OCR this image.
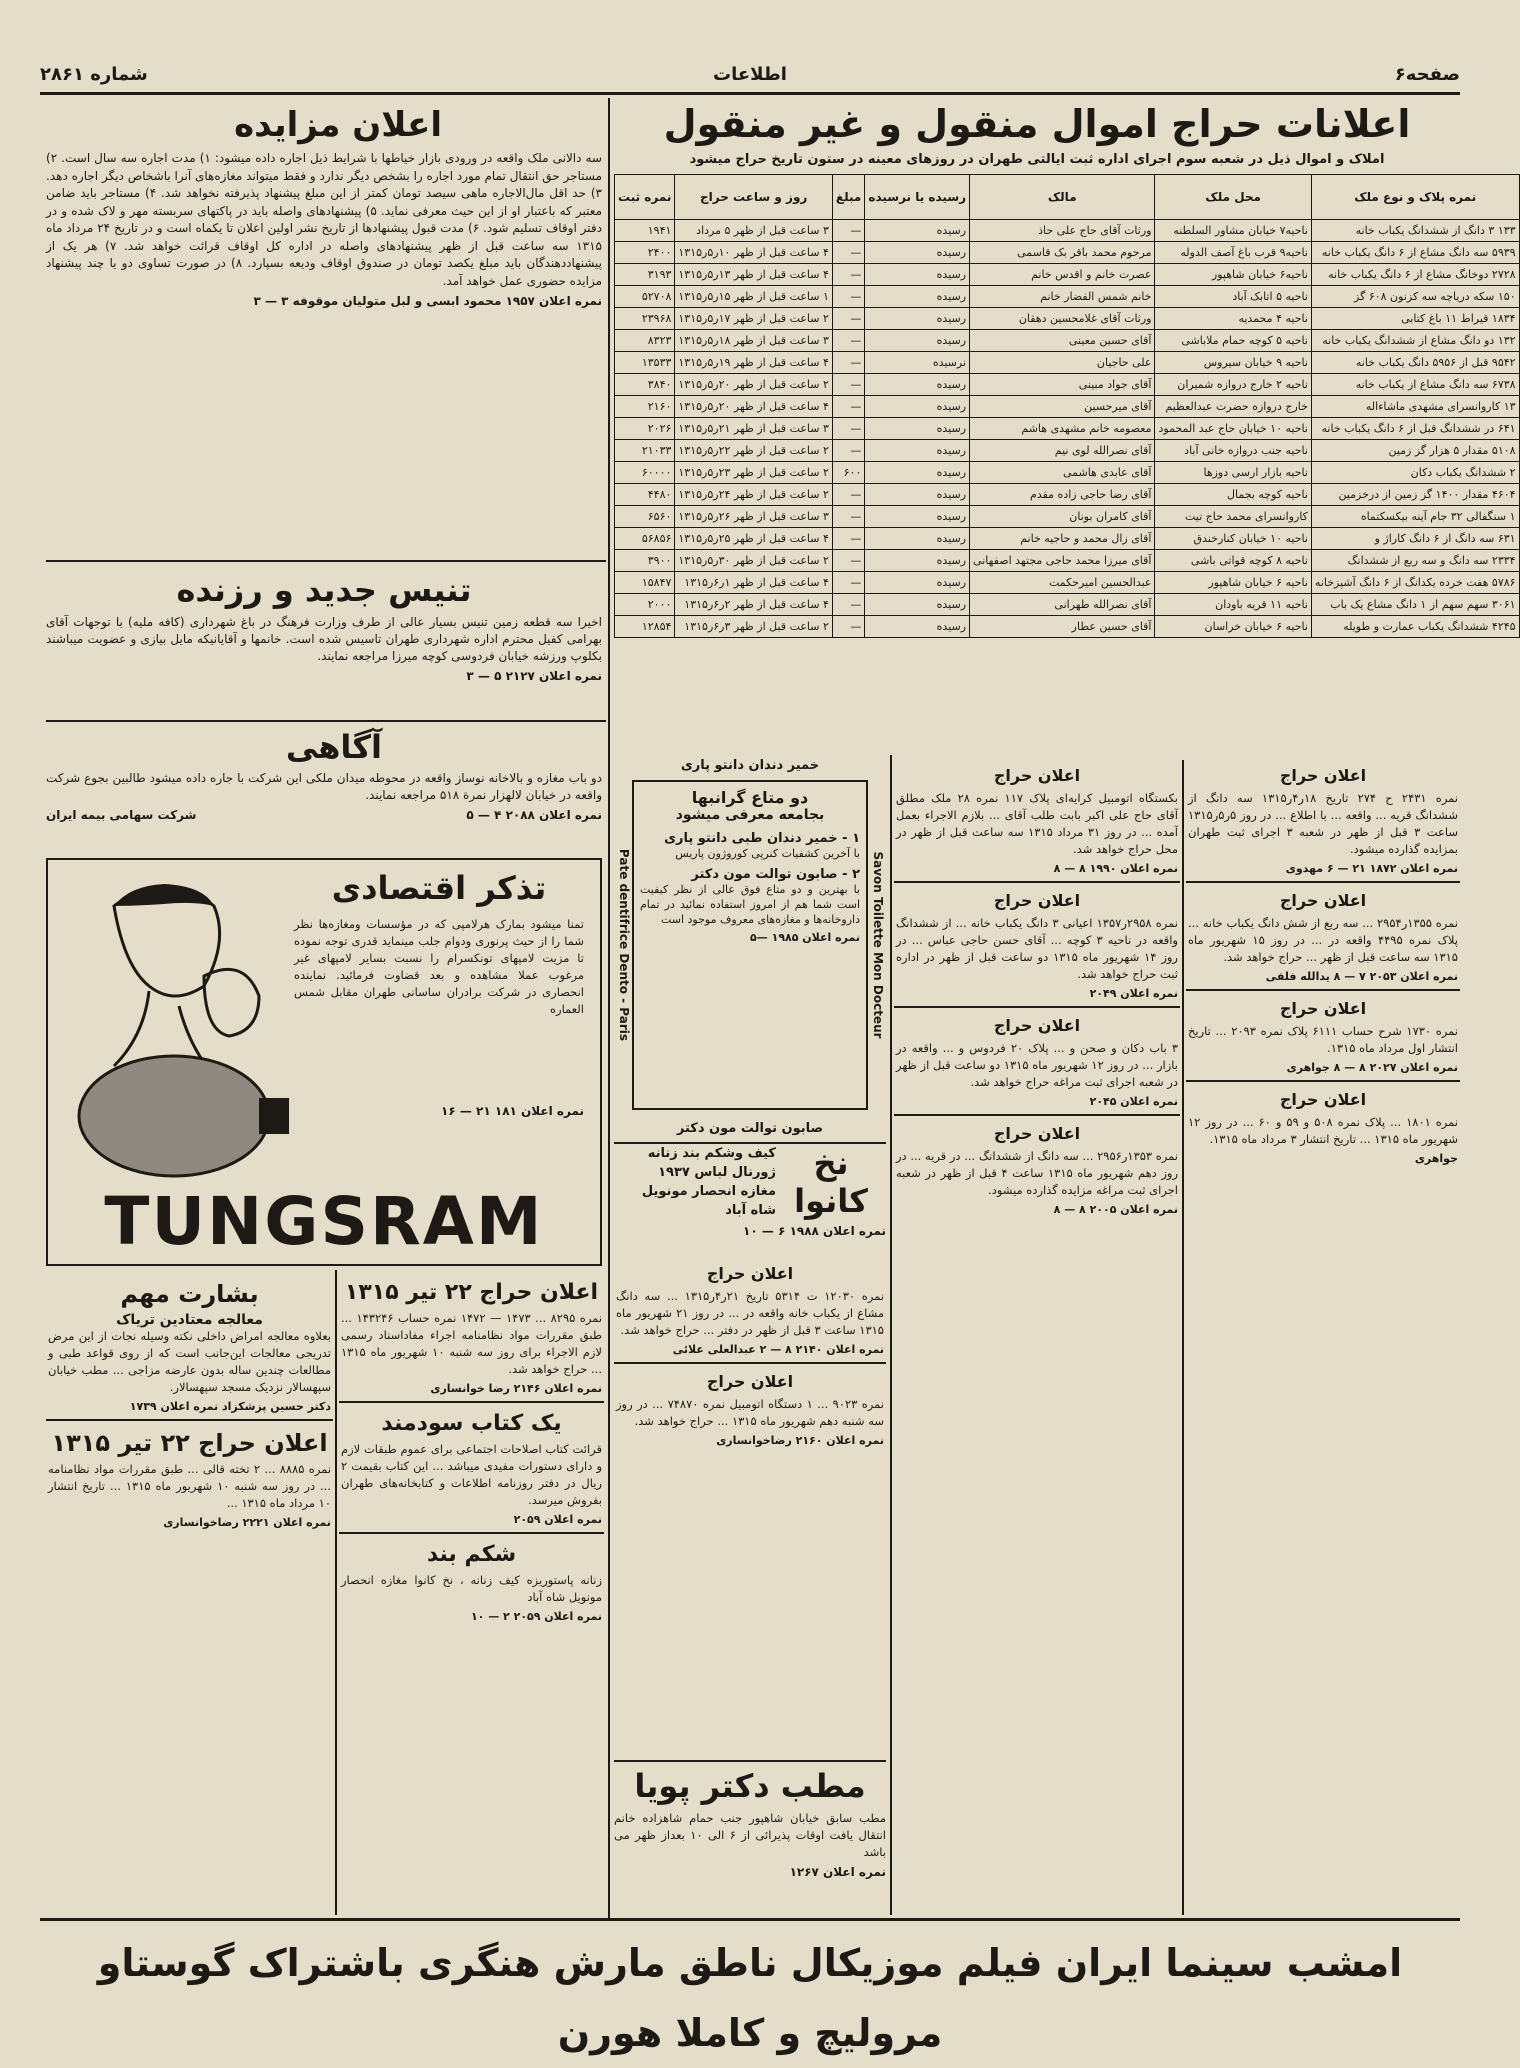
صفحه۶
اطلاعات
شماره ۲۸۶۱
اعلانات حراج اموال منقول و غیر منقول
املاک و اموال ذیل در شعبه سوم اجرای اداره ثبت ایالتی طهران در روزهای معینه در ستون تاریخ حراج میشود
نمره پلاک و نوع ملک	محل ملک	مالک	رسیده یا نرسیده	مبلغ	روز و ساعت حراج	نمره ثبت
۱۳۳ ۳ دانگ از ششدانگ یکباب خانه	ناحیه۷ خیابان مشاور السلطنه	ورثات آقای حاج علی حاذ	رسیده	—	۳ ساعت قبل از ظهر ۵ مرداد	۱۹۴۱
۵۹۳۹ سه دانگ مشاع از ۶ دانگ یکباب خانه	ناحیه۹ قرب باغ آصف الدوله	مرحوم محمد باقر بک قاسمی	رسیده	—	۴ ساعت قبل از ظهر ۱۰ر۵ر۱۳۱۵	۲۴۰۰
۲۷۲۸ دوخانگ مشاع از ۶ دانگ یکباب خانه	ناحیه۶ خیابان شاهپور	عصرت خانم و اقدس خانم	رسیده	—	۴ ساعت قبل از ظهر ۱۳ر۵ر۱۳۱۵	۳۱۹۳
۱۵۰ سکه دریاچه سه کزنون ۶۰۸ گز	ناحیه ۵ اتابک آباد	خانم شمس الفضار خانم	رسیده	—	۱ ساعت قبل از ظهر ۱۵ر۵ر۱۳۱۵	۵۲۷۰۸
۱۸۳۴ قیراط ۱۱ باغ کتابی	ناحیه ۴ محمدیه	ورثات آقای غلامحسین دهقان	رسیده	—	۲ ساعت قبل از ظهر ۱۷ر۵ر۱۳۱۵	۲۳۹۶۸
۱۳۲ دو دانگ مشاع از ششدانگ یکباب خانه	ناحیه ۵ کوچه حمام ملاباشی	آقای حسین معینی	رسیده	—	۳ ساعت قبل از ظهر ۱۸ر۵ر۱۳۱۵	۸۳۲۳
۹۵۴۲ قبل از ۵۹۵۶ دانگ یکباب خانه	ناحیه ۹ خیابان سیروس	علی حاجیان	نرسیده	—	۴ ساعت قبل از ظهر ۱۹ر۵ر۱۳۱۵	۱۳۵۳۳
۶۷۳۸ سه دانگ مشاع از یکباب خانه	ناحیه ۲ خارج دروازه شمیران	آقای جواد مبینی	رسیده	—	۲ ساعت قبل از ظهر ۲۰ر۵ر۱۳۱۵	۳۸۴۰
۱۳ کاروانسرای مشهدی ماشاءاله	خارج دروازه حضرت عبدالعظیم	آقای میرحسین	رسیده	—	۴ ساعت قبل از ظهر ۲۰ر۵ر۱۳۱۵	۲۱۶۰
۶۴۱ در ششدانگ قبل از ۶ دانگ یکباب خانه	ناحیه ۱۰ خیابان حاج عبد المحمود	معصومه خانم مشهدی هاشم	رسیده	—	۳ ساعت قبل از ظهر ۲۱ر۵ر۱۳۱۵	۲۰۲۶
۵۱۰۸ مقدار ۵ هزار گز زمین	ناحیه جنب دروازه خانی آباد	آقای نصرالله لوی نیم	رسیده	—	۲ ساعت قبل از ظهر ۲۲ر۵ر۱۳۱۵	۲۱۰۳۳
۲ ششدانگ یکباب دکان	ناحیه بازار ارسی دوزها	آقای عابدی هاشمی	رسیده	۶۰۰	۲ ساعت قبل از ظهر ۲۳ر۵ر۱۳۱۵	۶۰۰۰۰
۴۶۰۴ مقدار ۱۴۰۰ گز زمین از درخزمین	ناحیه کوچه بجمال	آقای رضا حاجی زاده مقدم	رسیده	—	۲ ساعت قبل از ظهر ۲۴ر۵ر۱۳۱۵	۴۴۸۰
۱ سنگفالی ۳۲ جام آینه بیکسکتماه	کاروانسرای محمد حاج تیت	آقای کامران بونان	رسیده	—	۳ ساعت قبل از ظهر ۲۶ر۵ر۱۳۱۵	۶۵۶۰
۶۳۱ سه دانگ از ۶ دانگ کاراژ و	ناحیه ۱۰ خیابان کنارخندق	آقای زال محمد و حاجیه خانم	رسیده	—	۴ ساعت قبل از ظهر ۲۵ر۵ر۱۳۱۵	۵۶۸۵۶
۲۳۳۴ سه دانگ و سه ربع از ششدانگ	ناحیه ۸ کوچه قواتی باشی	آقای میرزا محمد حاجی مجتهد اصفهانی	رسیده	—	۲ ساعت قبل از ظهر ۳۰ر۵ر۱۳۱۵	۳۹۰۰
۵۷۸۶ هفت خرده یکدانگ از ۶ دانگ آشپزخانه	ناحیه ۶ خیابان شاهپور	عبدالحسین امیرحکمت	رسیده	—	۴ ساعت قبل از ظهر ۱ر۶ر۱۳۱۵	۱۵۸۴۷
۳۰۶۱ سهم سهم از ۱ دانگ مشاع یک باب	ناحیه ۱۱ قریه باودان	آقای نصرالله طهرانی	رسیده	—	۴ ساعت قبل از ظهر ۲ر۶ر۱۳۱۵	۲۰۰۰
۴۲۴۵ ششدانگ یکباب عمارت و طویله	ناحیه ۶ خیابان خراسان	آقای حسین عطار	رسیده	—	۲ ساعت قبل از ظهر ۳ر۶ر۱۳۱۵	۱۲۸۵۴
اعلان مزایده
سه دالانی ملک واقعه در ورودی بازار خیاطها با شرایط ذیل اجاره داده میشود: ۱) مدت اجاره سه سال است. ۲) مستاجر حق انتقال تمام مورد اجاره را بشخص دیگر ندارد و فقط میتواند مغازه‌های آنرا باشخاص دیگر اجاره دهد. ۳) حد اقل مال‌الاجاره ماهی سیصد تومان کمتر از این مبلغ پیشنهاد پذیرفته نخواهد شد. ۴) مستاجر باید ضامن معتبر که باعتبار او از این حیث معرفی نماید. ۵) پیشنهادهای واصله باید در پاکتهای سربسته مهر و لاک شده و در دفتر اوقاف تسلیم شود. ۶) مدت قبول پیشنهادها از تاریخ نشر اولین اعلان تا یکماه است و در تاریخ ۲۴ مرداد ماه ۱۳۱۵ سه ساعت قبل از ظهر پیشنهادهای واصله در اداره کل اوقاف قرائت خواهد شد. ۷) هر یک از پیشنهاددهندگان باید مبلغ یکصد تومان در صندوق اوقاف ودیعه بسپارد. ۸) در صورت تساوی دو یا چند پیشنهاد مزایده حضوری عمل خواهد آمد.
نمره اعلان ۱۹۵۷ محمود ابسی و لبل متولیان موقوفه ۳ — ۳
تنیس جدید و رزنده
اخیرا سه قطعه زمین تنیس بسیار عالی از طرف وزارت فرهنگ در باغ شهرداری (کافه ملیه) با توجهات آقای بهرامی کفیل محترم اداره شهرداری طهران تاسیس شده است. خانمها و آقایانیکه مایل بیازی و عضویت میباشند بکلوپ ورزشه خیابان فردوسی کوچه میرزا مراجعه نمایند.
نمره اعلان ۲۱۲۷ ۵ — ۳
آگاهی
دو باب مغازه و بالاخانه نوساز واقعه در محوطه میدان ملکی این شرکت با جاره داده میشود طالبین بجوع شرکت واقعه در خیابان لالهزار نمرة ۵۱۸ مراجعه نمایند.
نمره اعلان ۲۰۸۸ ۴ — ۵
شرکت سهامی بیمه ایران
تذکر اقتصادی
تمنا میشود بمارک هرلامپی که در مؤسسات ومغازه‌ها نظر شما را از حیث پرنوری ودوام جلب مینماید قدری توجه نموده تا مزیت لامپهای تونکسرام را نسبت بسایر لامپهای غیر مرغوب عملا مشاهده و بعد قضاوت فرمائید. نماینده انحصاری در شرکت برادران ساسانی طهران مقابل شمس العماره
نمره اعلان ۱۸۱ ۲۱ — ۱۶
TUNGSRAM
خمیر دندان دانتو پاری
دو متاع گرانبها
بجامعه معرفی میشود
۱ - خمیر دندان طبی دانتو پاری
با آخرین کشفیات کنرپی کوروژون پاریس
۲ - صابون توالت مون دکتر
با بهترین و دو متاع فوق عالی از نظر کیفیت است شما هم از امروز استفاده نمائید در تمام داروخانه‌ها و مغازه‌های معروف موجود است
نمره اعلان ۱۹۸۵ —۵
Pate dentifrice Dento - Paris	Savon Toilette Mon Docteur
صابون توالت مون دکتر
اعلان حراج
بکستگاه اتومبیل کرایه‌ای پلاک ۱۱۷ نمره ۲۸ ملک مطلق آقای حاج علی اکبر بابت طلب آقای ... بلازم الاجراء بعمل آمده ... در روز ۳۱ مرداد ۱۳۱۵ سه ساعت قبل از ظهر در محل حراج خواهد شد.
نمره اعلان ۱۹۹۰ ۸ — ۸
اعلان حراج
نمره ۲۹۵۸ر۱۳۵۷ اعیانی ۳ دانگ یکباب خانه ... از ششدانگ واقعه در ناحیه ۳ کوچه ... آقای حسن حاجی عباس ... در روز ۱۴ شهریور ماه ۱۳۱۵ دو ساعت قبل از ظهر در اداره ثبت حراج خواهد شد.
نمره اعلان ۲۰۴۹
اعلان حراج
۳ باب دکان و صحن و ... پلاک ۲۰ فردوس و ... واقعه در بازار ... در روز ۱۲ شهریور ماه ۱۳۱۵ دو ساعت قبل از ظهر در شعبه اجرای ثبت مراغه حراج خواهد شد.
نمره اعلان ۲۰۴۵
اعلان حراج
نمره ۱۳۵۳ر۲۹۵۶ ... سه دانگ از ششدانگ ... در قریه ... در روز دهم شهریور ماه ۱۳۱۵ ساعت ۴ قبل از ظهر در شعبه اجرای ثبت مراغه مزایده گذارده میشود.
نمره اعلان ۲۰۰۵ ۸ — ۸
اعلان حراج
نمره ۲۴۳۱ ح ۲۷۴ تاریخ ۱۸ر۴ر۱۳۱۵ سه دانگ از ششدانگ قریه ... واقعه ... با اطلاع ... در روز ۵ر۵ر۱۳۱۵ ساعت ۳ قبل از ظهر در شعبه ۳ اجرای ثبت طهران بمزایده گذارده میشود.
نمره اعلان ۱۸۷۲ ۲۱ — ۶ مهدوی
اعلان حراج
نمره ۱۳۵۵ر۲۹۵۴ ... سه ربع از شش دانگ یکباب خانه ... پلاک نمره ۴۴۹۵ واقعه در ... در روز ۱۵ شهریور ماه ۱۳۱۵ سه ساعت قبل از ظهر ... حراج خواهد شد.
نمره اعلان ۲۰۵۳ ۷ — ۸ یدالله فلفی
اعلان حراج
نمره ۱۷۳۰ شرح حساب ۶۱۱۱ پلاک نمره ۲۰۹۳ ... تاریخ انتشار اول مرداد ماه ۱۳۱۵.
نمره اعلان ۲۰۲۷ ۸ — ۸ جواهری
اعلان حراج
نمره ۱۸۰۱ ... پلاک نمره ۵۰۸ و ۵۹ و ۶۰ ... در روز ۱۲ شهریور ماه ۱۳۱۵ ... تاریخ انتشار ۳ مرداد ماه ۱۳۱۵.
جواهری
نخ کانوا
کیف وشکم بند زنانه
ژورنال لباس ۱۹۳۷
مغازه انحصار مونویل
شاه آباد
نمره اعلان ۱۹۸۸ ۶ — ۱۰
اعلان حراج
نمره ۱۲۰۳۰ ت ۵۳۱۴ تاریخ ۲۱ر۴ر۱۳۱۵ ... سه دانگ مشاع از یکباب خانه واقعه در ... در روز ۲۱ شهریور ماه ۱۳۱۵ ساعت ۳ قبل از ظهر در دفتر ... حراج خواهد شد.
نمره اعلان ۲۱۴۰ ۸ — ۲ عبدالعلی علائی
اعلان حراج
نمره ۹۰۲۳ ... ۱ دستگاه اتومبیل نمره ۷۴۸۷۰ ... در روز سه شنبه دهم شهریور ماه ۱۳۱۵ ... حراج خواهد شد.
نمره اعلان ۲۱۶۰ رضاخوانساری
مطب دکتر پویا
مطب سابق خیابان شاهپور جنب حمام شاهزاده خانم انتقال یافت اوقات پذیرائی از ۶ الی ۱۰ بعداز ظهر می باشد
نمره اعلان ۱۲۶۷
اعلان حراج ۲۲ تیر ۱۳۱۵
نمره ۸۲۹۵ ... ۱۴۷۳ — ۱۴۷۲ نمره حساب ۱۴۳۲۴۶ ... طبق مقررات مواد نظامنامه اجراء مفاداسناد رسمی لازم الاجراء برای روز سه شنبه ۱۰ شهریور ماه ۱۳۱۵ ... حراج خواهد شد.
نمره اعلان ۲۱۴۶ رضا خوانساری
یک کتاب سودمند
قرائت کتاب اصلاحات اجتماعی برای عموم طبقات لازم و دارای دستورات مفیدی میباشد ... این کتاب بقیمت ۲ ریال در دفتر روزنامه اطلاعات و کتابخانه‌های طهران بفروش میرسد.
نمره اعلان ۲۰۵۹
شکم بند
زنانه پاستوریزه کیف زنانه ، نخ کانوا مغازه انحصار مونویل شاه آباد
نمره اعلان ۲۰۵۹ ۲ — ۱۰
بشارت مهم
معالجه معتادین تریاک
بعلاوه معالجه امراض داخلی نکته وسیله نجات از این مرض تدریجی معالجات این‌جانب است که از روی قواعد طبی و مطالعات چندین ساله بدون عارضه مزاجی ... مطب خیابان سپهسالار نزدیک مسجد سپهسالار.
دکتر حسین پزشکزاد نمره اعلان ۱۷۳۹
اعلان حراج ۲۲ تیر ۱۳۱۵
نمره ۸۸۸۵ ... ۲ تخته قالی ... طبق مقررات مواد نظامنامه ... در روز سه شنبه ۱۰ شهریور ماه ۱۳۱۵ ... تاریخ انتشار ۱۰ مرداد ماه ۱۳۱۵ ...
نمره اعلان ۲۲۲۱ رضاخوانساری
امشب سینما ایران فیلم موزیکال ناطق مارش هنگری باشتراک گوستاو مرولیچ و کاملا هورن
